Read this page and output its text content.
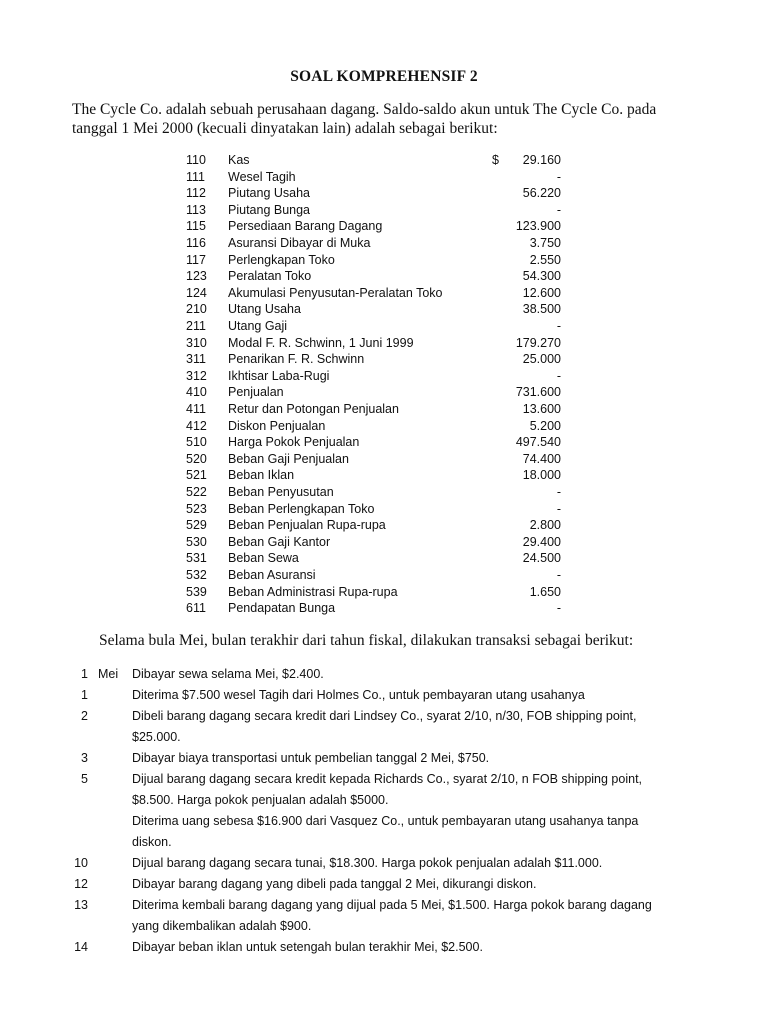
SOAL KOMPREHENSIF 2
The Cycle Co. adalah sebuah perusahaan dagang. Saldo-saldo akun untuk The Cycle Co. pada
tanggal 1 Mei 2000 (kecuali dinyatakan lain) adalah sebagai berikut:
110 Kas	$ 29.160
111 Wesel Tagih	-
112 Piutang Usaha	56.220
113 Piutang Bunga	-
115 Persediaan Barang Dagang	123.900
116 Asuransi Dibayar di Muka	3.750
117 Perlengkapan Toko	2.550
123 Peralatan Toko	54.300
124 Akumulasi Penyusutan-Peralatan Toko	12.600
210 Utang Usaha	38.500
211 Utang Gaji	-
310 Modal F. R. Schwinn, 1 Juni 1999	179.270
311 Penarikan F. R. Schwinn	25.000
312 Ikhtisar Laba-Rugi	-
410 Penjualan	731.600
411 Retur dan Potongan Penjualan	13.600
412 Diskon Penjualan	5.200
510 Harga Pokok Penjualan	497.540
520 Beban Gaji Penjualan	74.400
521 Beban Iklan	18.000
522 Beban Penyusutan	-
523 Beban Perlengkapan Toko	-
529 Beban Penjualan Rupa-rupa	2.800
530 Beban Gaji Kantor	29.400
531 Beban Sewa	24.500
532 Beban Asuransi	-
539 Beban Administrasi Rupa-rupa	1.650
611 Pendapatan Bunga	-
Selama bula Mei, bulan terakhir dari tahun fiskal, dilakukan transaksi sebagai berikut:
1 Mei Dibayar sewa selama Mei, $2.400.
1	Diterima $7.500 wesel Tagih dari Holmes Co., untuk pembayaran utang usahanya
2	Dibeli barang dagang secara kredit dari Lindsey Co., syarat 2/10, n/30, FOB shipping point,
$25.000.
3	Dibayar biaya transportasi untuk pembelian tanggal 2 Mei, $750.
5	Dijual barang dagang secara kredit kepada Richards Co., syarat 2/10, n FOB shipping point,
$8.500. Harga pokok penjualan adalah $5000.
Diterima uang sebesa $16.900 dari Vasquez Co., untuk pembayaran utang usahanya tanpa
diskon.
10	Dijual barang dagang secara tunai, $18.300. Harga pokok penjualan adalah $11.000.
12	Dibayar barang dagang yang dibeli pada tanggal 2 Mei, dikurangi diskon.
13	Diterima kembali barang dagang yang dijual pada 5 Mei, $1.500. Harga pokok barang dagang
yang dikembalikan adalah $900.
14	Dibayar beban iklan untuk setengah bulan terakhir Mei, $2.500.
